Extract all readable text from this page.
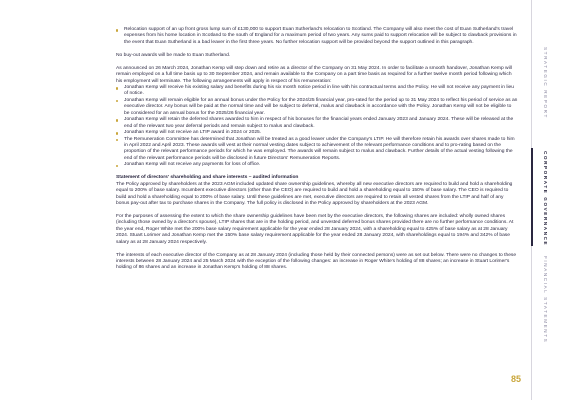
Relocation support of an up front gross lump sum of £130,000 to support Euan Sutherland's relocation to Scotland. The Company will also meet the cost of Euan Sutherland's travel expenses from his home location in Scotland to the south of England for a maximum period of two years. Any sums paid to support relocation will be subject to clawback provisions in the event that Euan Sutherland is a bad leaver in the first three years. No further relocation support will be provided beyond the support outlined in this paragraph.

No buy-out awards will be made to Euan Sutherland.

As announced on 26 March 2024, Jonathan Kemp will step down and retire as a director of the Company on 31 May 2024. In order to facilitate a smooth handover, Jonathan Kemp will remain employed on a full time basis up to 30 September 2024, and remain available to the Company on a part time basis as required for a further twelve month period following which his employment will terminate. The following arrangements will apply in respect of his remuneration:

Jonathan Kemp will receive his existing salary and benefits during his six month notice period in line with his contractual terms and the Policy. He will not receive any payment in lieu of notice.
Jonathan Kemp will remain eligible for an annual bonus under the Policy for the 2024/25 financial year, pro-rated for the period up to 31 May 2024 to reflect his period of service as an executive director. Any bonus will be paid at the normal time and will be subject to deferral, malus and clawback in accordance with the Policy. Jonathan Kemp will not be eligible to be considered for an annual bonus for the 2025/26 financial year.
Jonathan Kemp will retain the deferred shares awarded to him in respect of his bonuses for the financial years ended January 2023 and January 2024. These will be released at the end of the relevant two year deferral periods and remain subject to malus and clawback.
Jonathan Kemp will not receive an LTIP award in 2024 or 2025.
The Remuneration Committee has determined that Jonathan will be treated as a good leaver under the Company's LTIP. He will therefore retain his awards over shares made to him in April 2022 and April 2023. These awards will vest at their normal vesting dates subject to achievement of the relevant performance conditions and to pro-rating based on the proportion of the relevant performance periods for which he was employed. The awards will remain subject to malus and clawback. Further details of the actual vesting following the end of the relevant performance periods will be disclosed in future Directors' Remuneration Reports.
Jonathan Kemp will not receive any payments for loss of office.

Statement of directors' shareholding and share interests – audited information

The Policy approved by shareholders at the 2023 AGM included updated share ownership guidelines, whereby all new executive directors are required to build and hold a shareholding equal to 200% of base salary. Incumbent executive directors (other than the CEO) are required to build and hold a shareholding equal to 150% of base salary. The CEO is required to build and hold a shareholding equal to 200% of base salary. Until these guidelines are met, executive directors are required to retain all vested shares from the LTIP and half of any bonus pay-out after tax to purchase shares in the Company. The full policy is disclosed in the Policy approved by shareholders at the 2023 AGM.

For the purposes of assessing the extent to which the share ownership guidelines have been met by the executive directors, the following shares are included: wholly owned shares (including those owned by a director's spouse), LTIP shares that are in the holding period, and unvested deferred bonus shares provided there are no further performance conditions. At the year end, Roger White met the 200% base salary requirement applicable for the year ended 28 January 2024, with a shareholding equal to 425% of base salary as at 28 January 2024. Stuart Lorimer and Jonathan Kemp met the 150% base salary requirement applicable for the year ended 28 January 2024, with shareholdings equal to 194% and 342% of base salary as at 28 January 2024 respectively.

The interests of each executive director of the Company as at 28 January 2024 (including those held by their connected persons) were as set out below. There were no changes to these interests between 28 January 2024 and 25 March 2024 with the exception of the following changes: an increase in Roger White's holding of 88 shares; an increase in Stuart Lorimer's holding of 86 shares and an increase in Jonathan Kemp's holding of 88 shares.

STRATEGIC REPORT
CORPORATE GOVERNANCE
FINANCIAL STATEMENTS
85
